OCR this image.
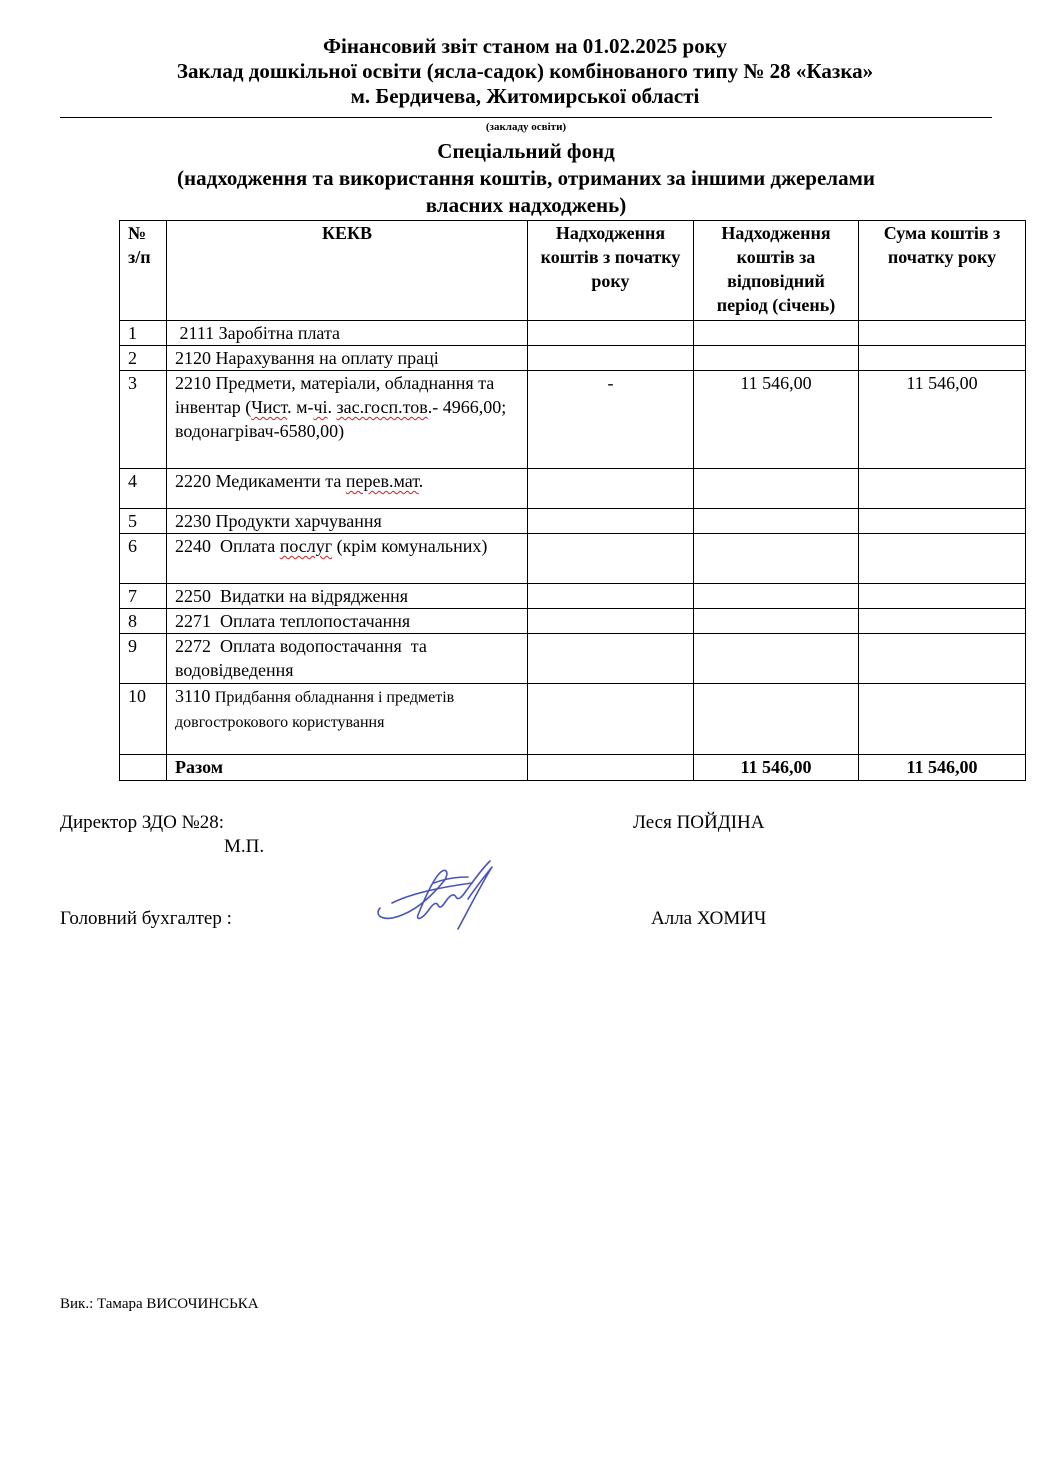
Фінансовий звіт станом на 01.02.2025 року
Заклад дошкільної освіти (ясла-садок) комбінованого типу № 28 «Казка»
м. Бердичева, Житомирської області
(закладу освіти)
Спеціальний фонд
(надходження та використання коштів, отриманих за іншими джерелами
власних надходжень)
№ з/п	КЕКВ	Надходження коштів з початку року	Надходження коштів за відповідний період (січень)	Сума коштів з початку року
1	2111 Заробітна плата			
2	2120 Нарахування на оплату праці			
3	2210 Предмети, матеріали, обладнання та інвентар (Чист. м-чі. зас.госп.тов.- 4966,00; водонагрівач-6580,00)	-	11 546,00	11 546,00
4	2220 Медикаменти та перев.мат.			
5	2230 Продукти харчування			
6	2240  Оплата послуг (крім комунальних)			
7	2250  Видатки на відрядження			
8	2271  Оплата теплопостачання			
9	2272  Оплата водопостачання  та водовідведення			
10	3110 Придбання обладнання і предметів довгострокового користування			
	Разом		11 546,00	11 546,00
Директор ЗДО №28:
М.П.
Леся ПОЙДІНА
Головний бухгалтер :	Алла ХОМИЧ
Вик.: Тамара ВИСОЧИНСЬКА
